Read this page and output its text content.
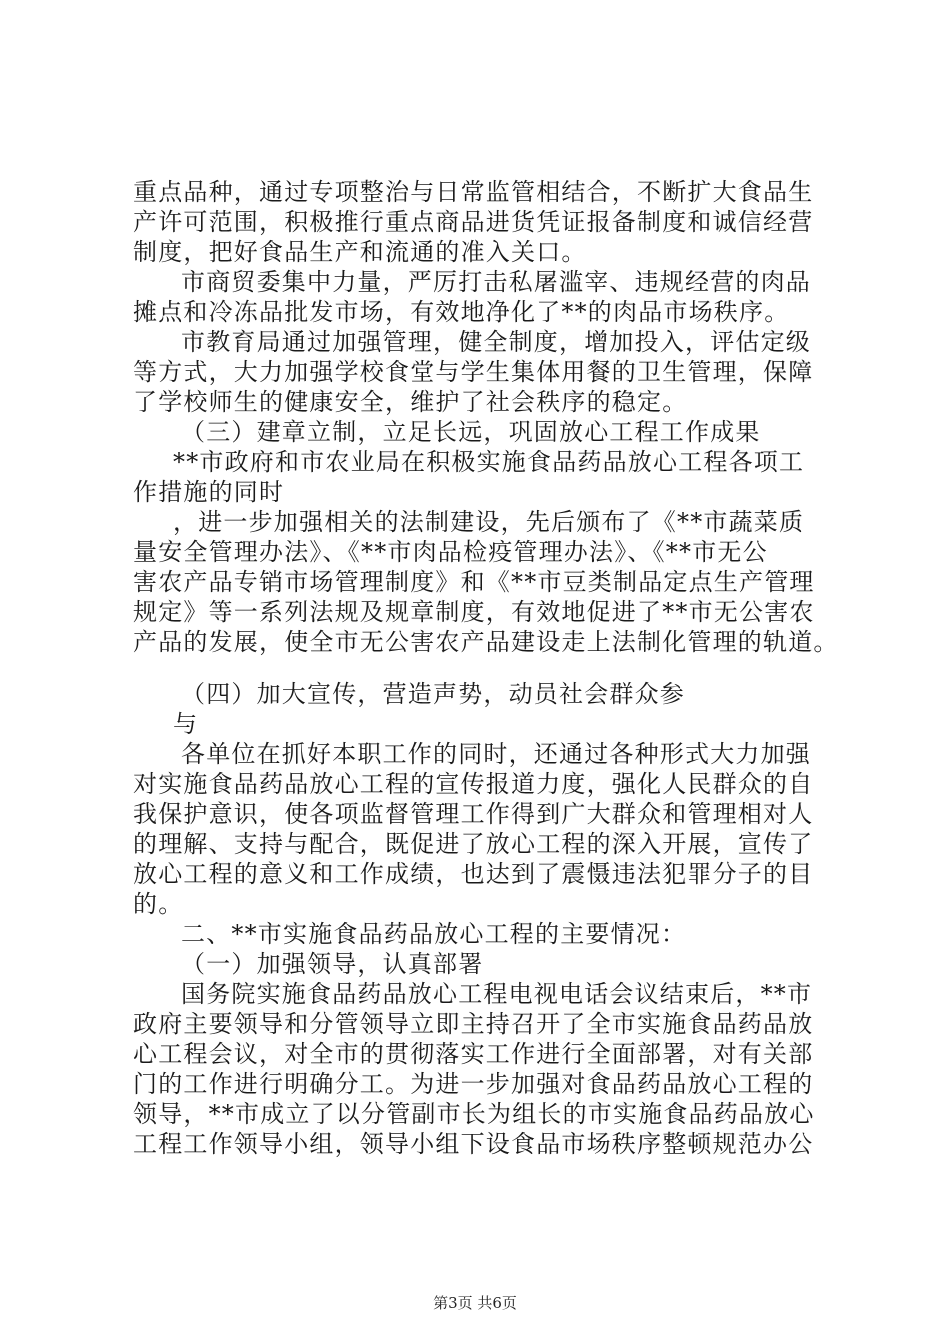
重点品种，通过专项整治与日常监管相结合，不断扩大食品生
产许可范围，积极推行重点商品进货凭证报备制度和诚信经营
制度，把好食品生产和流通的准入关口。
市商贸委集中力量，严厉打击私屠滥宰、违规经营的肉品
摊点和冷冻品批发市场，有效地净化了**的肉品市场秩序。
市教育局通过加强管理，健全制度，增加投入，评估定级
等方式，大力加强学校食堂与学生集体用餐的卫生管理，保障
了学校师生的健康安全，维护了社会秩序的稳定。
（三）建章立制，立足长远，巩固放心工程工作成果
**市政府和市农业局在积极实施食品药品放心工程各项工
作措施的同时
，进一步加强相关的法制建设，先后颁布了《**市蔬菜质
量安全管理办法》、《**市肉品检疫管理办法》、《**市无公
害农产品专销市场管理制度》和《**市豆类制品定点生产管理
规定》等一系列法规及规章制度，有效地促进了**市无公害农
产品的发展，使全市无公害农产品建设走上法制化管理的轨道。
（四）加大宣传，营造声势，动员社会群众参
与
各单位在抓好本职工作的同时，还通过各种形式大力加强
对实施食品药品放心工程的宣传报道力度，强化人民群众的自
我保护意识，使各项监督管理工作得到广大群众和管理相对人
的理解、支持与配合，既促进了放心工程的深入开展，宣传了
放心工程的意义和工作成绩，也达到了震慑违法犯罪分子的目
的。
二、**市实施食品药品放心工程的主要情况：
（一）加强领导，认真部署
国务院实施食品药品放心工程电视电话会议结束后，**市
政府主要领导和分管领导立即主持召开了全市实施食品药品放
心工程会议，对全市的贯彻落实工作进行全面部署，对有关部
门的工作进行明确分工。为进一步加强对食品药品放心工程的
领导，**市成立了以分管副市长为组长的市实施食品药品放心
工程工作领导小组，领导小组下设食品市场秩序整顿规范办公
第3页 共6页
